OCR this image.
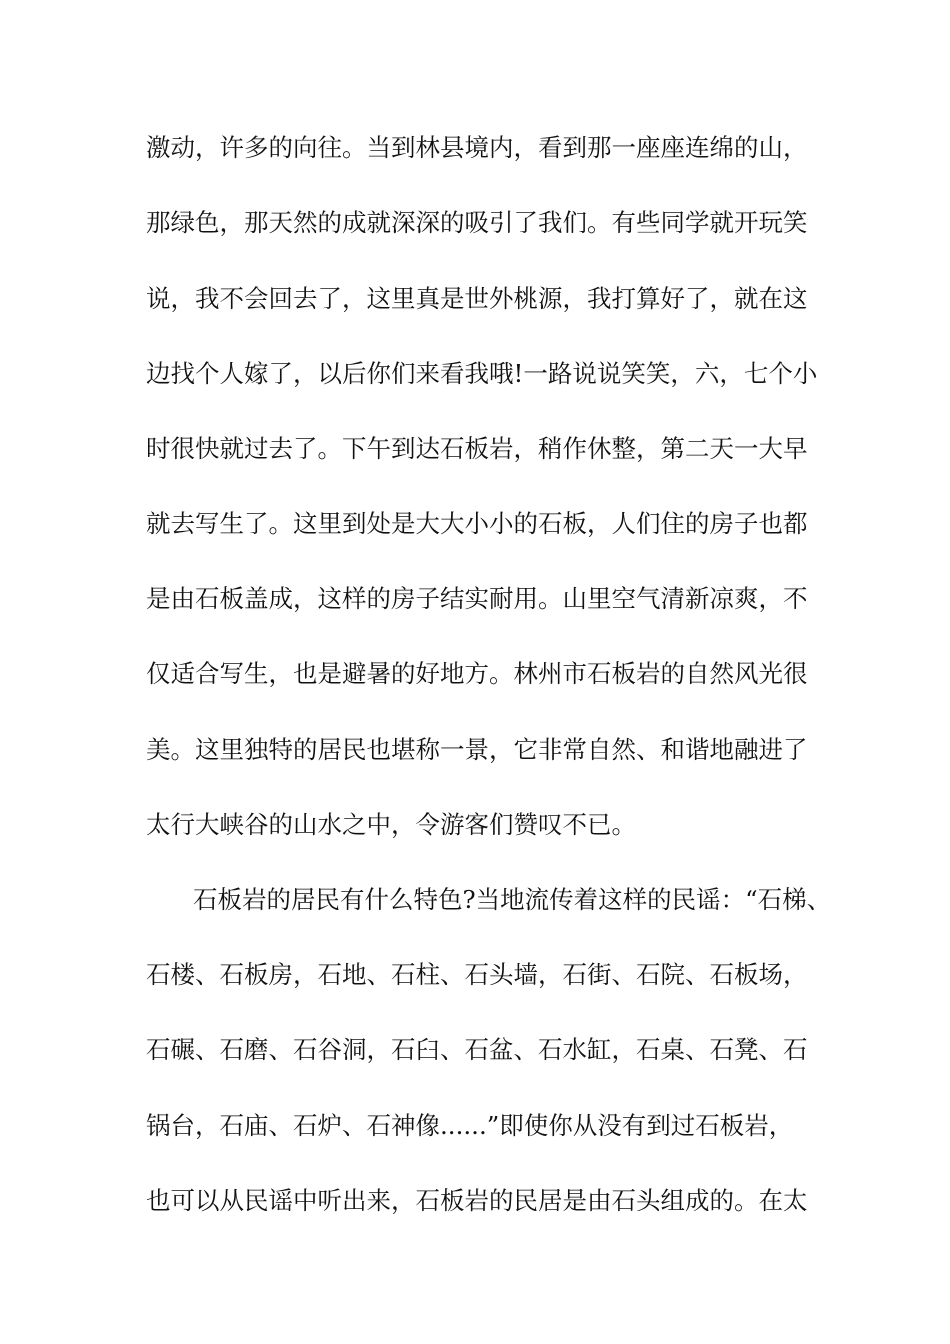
激动，许多的向往。当到林县境内，看到那一座座连绵的山，
那绿色，那天然的成就深深的吸引了我们。有些同学就开玩笑
说，我不会回去了，这里真是世外桃源，我打算好了，就在这
边找个人嫁了，以后你们来看我哦!一路说说笑笑，六，七个小
时很快就过去了。下午到达石板岩，稍作休整，第二天一大早
就去写生了。这里到处是大大小小的石板，人们住的房子也都
是由石板盖成，这样的房子结实耐用。山里空气清新凉爽，不
仅适合写生，也是避暑的好地方。林州市石板岩的自然风光很
美。这里独特的居民也堪称一景，它非常自然、和谐地融进了
太行大峡谷的山水之中，令游客们赞叹不已。
石板岩的居民有什么特色?当地流传着这样的民谣：“石梯、
石楼、石板房，石地、石柱、石头墙，石街、石院、石板场，
石碾、石磨、石谷洞，石臼、石盆、石水缸，石桌、石凳、石
锅台，石庙、石炉、石神像......”即使你从没有到过石板岩，
也可以从民谣中听出来，石板岩的民居是由石头组成的。在太
